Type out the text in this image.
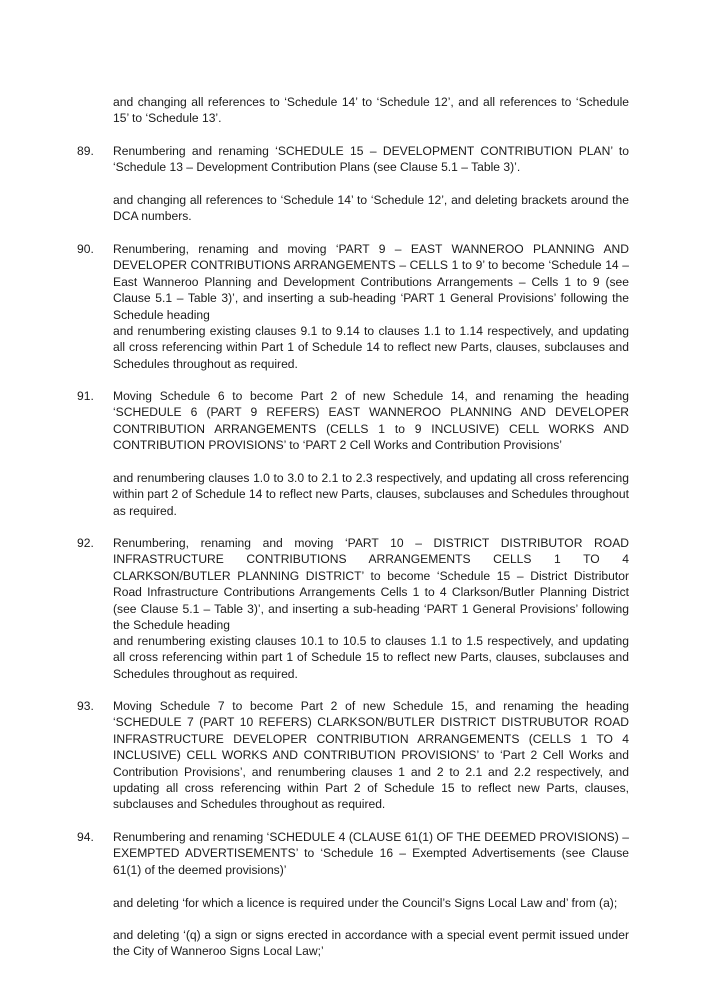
and changing all references to ‘Schedule 14’ to ‘Schedule 12’, and all references to ‘Schedule 15’ to ‘Schedule 13’.

89. Renumbering and renaming ‘SCHEDULE 15 – DEVELOPMENT CONTRIBUTION PLAN’ to ‘Schedule 13 – Development Contribution Plans (see Clause 5.1 – Table 3)’.

and changing all references to ‘Schedule 14’ to ‘Schedule 12’, and deleting brackets around the DCA numbers.

90. Renumbering, renaming and moving ‘PART 9 – EAST WANNEROO PLANNING AND DEVELOPER CONTRIBUTIONS ARRANGEMENTS – CELLS 1 to 9’ to become ‘Schedule 14 – East Wanneroo Planning and Development Contributions Arrangements – Cells 1 to 9 (see Clause 5.1 – Table 3)’, and inserting a sub-heading ‘PART 1 General Provisions’ following the Schedule heading

and renumbering existing clauses 9.1 to 9.14 to clauses 1.1 to 1.14 respectively, and updating all cross referencing within Part 1 of Schedule 14 to reflect new Parts, clauses, subclauses and Schedules throughout as required.

91. Moving Schedule 6 to become Part 2 of new Schedule 14, and renaming the heading ‘SCHEDULE 6 (PART 9 REFERS) EAST WANNEROO PLANNING AND DEVELOPER CONTRIBUTION ARRANGEMENTS (CELLS 1 to 9 INCLUSIVE) CELL WORKS AND CONTRIBUTION PROVISIONS’ to ‘PART 2 Cell Works and Contribution Provisions’

and renumbering clauses 1.0 to 3.0 to 2.1 to 2.3 respectively, and updating all cross referencing within part 2 of Schedule 14 to reflect new Parts, clauses, subclauses and Schedules throughout as required.

92. Renumbering, renaming and moving ‘PART 10 – DISTRICT DISTRIBUTOR ROAD INFRASTRUCTURE CONTRIBUTIONS ARRANGEMENTS CELLS 1 TO 4 CLARKSON/BUTLER PLANNING DISTRICT’ to become ‘Schedule 15 – District Distributor Road Infrastructure Contributions Arrangements Cells 1 to 4 Clarkson/Butler Planning District (see Clause 5.1 – Table 3)’, and inserting a sub-heading ‘PART 1 General Provisions’ following the Schedule heading

and renumbering existing clauses 10.1 to 10.5 to clauses 1.1 to 1.5 respectively, and updating all cross referencing within part 1 of Schedule 15 to reflect new Parts, clauses, subclauses and Schedules throughout as required.

93. Moving Schedule 7 to become Part 2 of new Schedule 15, and renaming the heading ‘SCHEDULE 7 (PART 10 REFERS) CLARKSON/BUTLER DISTRICT DISTRUBUTOR ROAD INFRASTRUCTURE DEVELOPER CONTRIBUTION ARRANGEMENTS (CELLS 1 TO 4 INCLUSIVE) CELL WORKS AND CONTRIBUTION PROVISIONS’ to ‘Part 2 Cell Works and Contribution Provisions’, and renumbering clauses 1 and 2 to 2.1 and 2.2 respectively, and updating all cross referencing within Part 2 of Schedule 15 to reflect new Parts, clauses, subclauses and Schedules throughout as required.

94. Renumbering and renaming ‘SCHEDULE 4 (CLAUSE 61(1) OF THE DEEMED PROVISIONS) – EXEMPTED ADVERTISEMENTS’ to ‘Schedule 16 – Exempted Advertisements (see Clause 61(1) of the deemed provisions)’

and deleting ‘for which a licence is required under the Council’s Signs Local Law and’ from (a);

and deleting ‘(q) a sign or signs erected in accordance with a special event permit issued under the City of Wanneroo Signs Local Law;’
